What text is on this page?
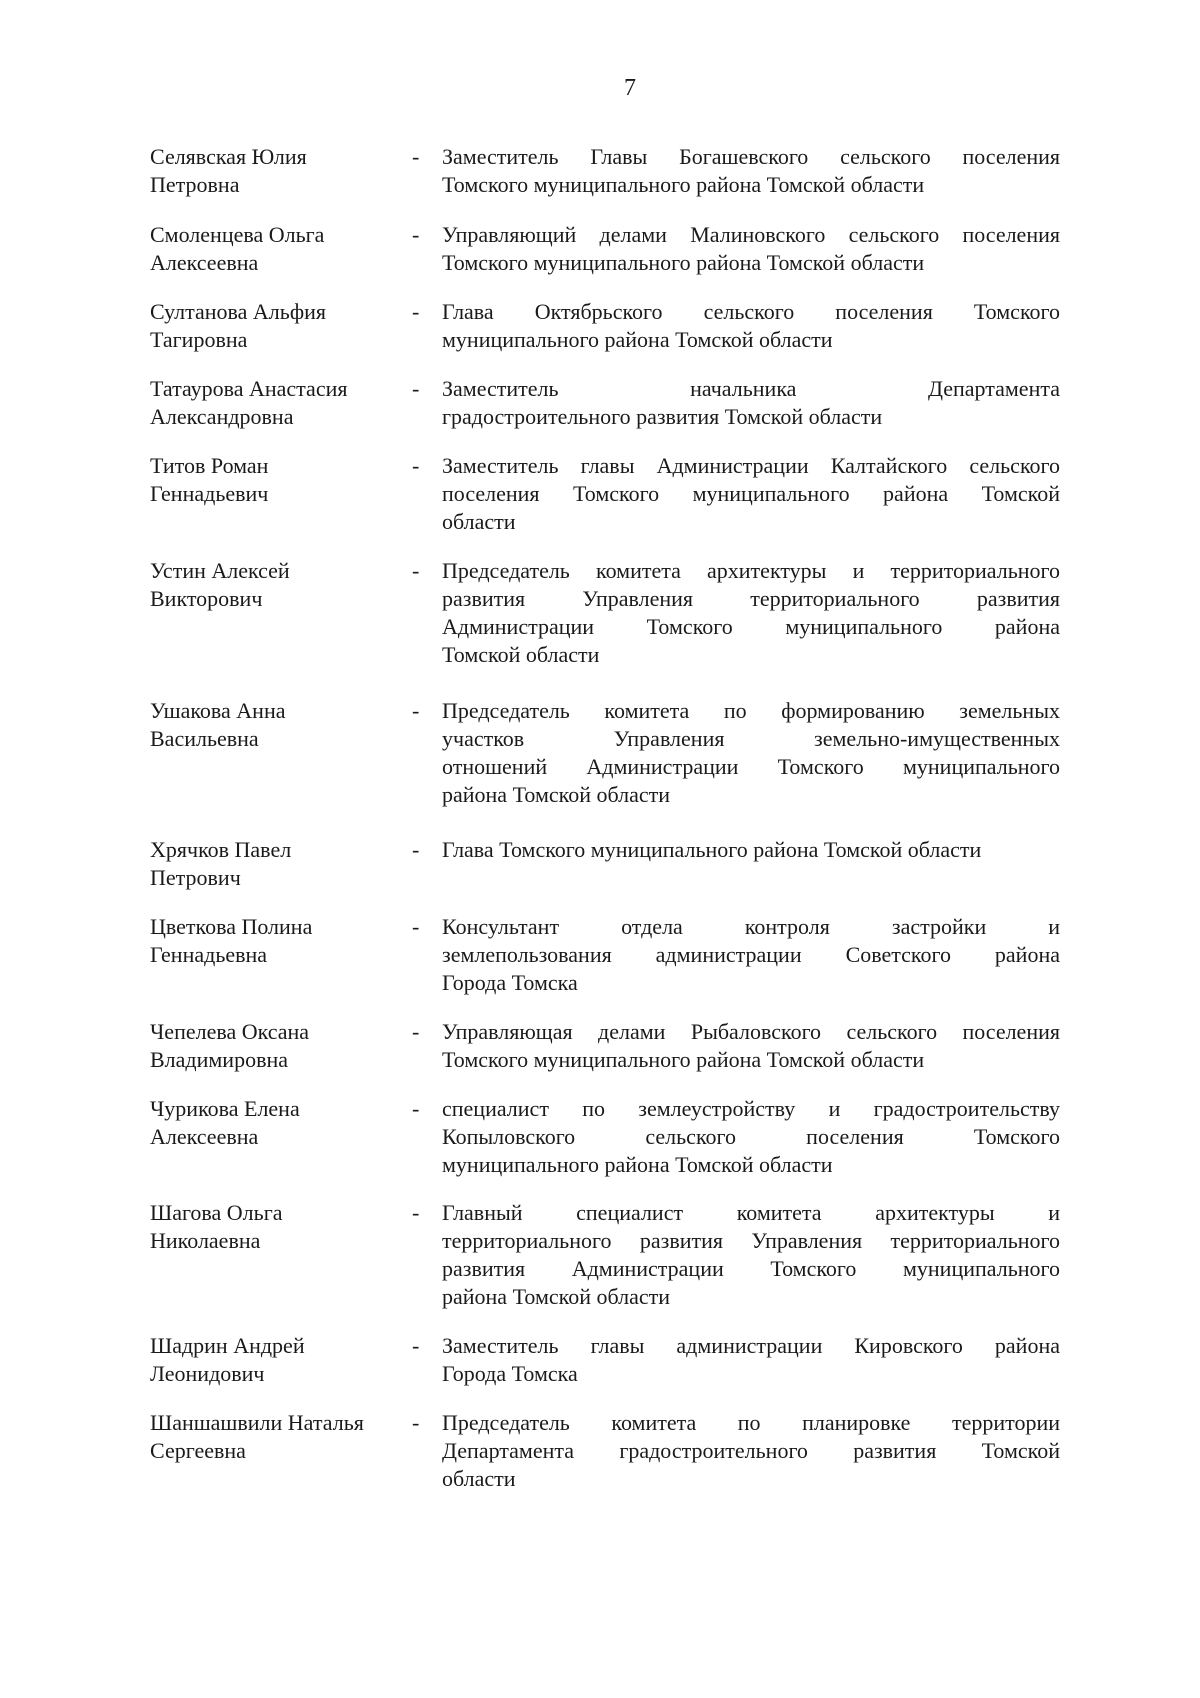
7
Селявская Юлия
Петровна
- Заместитель Главы Богашевского сельского поселения
Томского муниципального района Томской области
Смоленцева Ольга
Алексеевна
- Управляющий делами Малиновского сельского поселения
Томского муниципального района Томской области
Султанова Альфия
Тагировна
- Глава Октябрьского сельского поселения Томского
муниципального района Томской области
Татаурова Анастасия
Александровна
- Заместитель начальника Департамента
градостроительного развития Томской области
Титов Роман
Геннадьевич
- Заместитель главы Администрации Калтайского сельского
поселения Томского муниципального района Томской
области
Устин Алексей
Викторович
- Председатель комитета архитектуры и территориального
развития Управления территориального развития
Администрации Томского муниципального района
Томской области
Ушакова Анна
Васильевна
- Председатель комитета по формированию земельных
участков Управления земельно-имущественных
отношений Администрации Томского муниципального
района Томской области
Хрячков Павел
Петрович
- Глава Томского муниципального района Томской области
Цветкова Полина
Геннадьевна
- Консультант отдела контроля застройки и
землепользования администрации Советского района
Города Томска
Чепелева Оксана
Владимировна
- Управляющая делами Рыбаловского сельского поселения
Томского муниципального района Томской области
Чурикова Елена
Алексеевна
- специалист по землеустройству и градостроительству
Копыловского сельского поселения Томского
муниципального района Томской области
Шагова Ольга
Николаевна
- Главный специалист комитета архитектуры и
территориального развития Управления территориального
развития Администрации Томского муниципального
района Томской области
Шадрин Андрей
Леонидович
- Заместитель главы администрации Кировского района
Города Томска
Шаншашвили Наталья
Сергеевна
- Председатель комитета по планировке территории
Департамента градостроительного развития Томской
области
